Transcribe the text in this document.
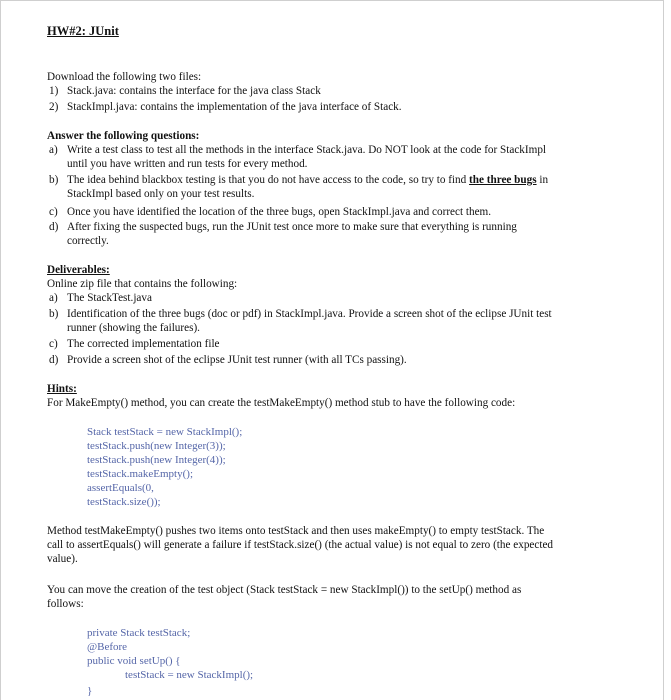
HW#2: JUnit
Download the following two files:
1) Stack.java: contains the interface for the java class Stack
2) StackImpl.java: contains the implementation of the java interface of Stack.
Answer the following questions:
a) Write a test class to test all the methods in the interface Stack.java. Do NOT look at the code for StackImpl
until you have written and run tests for every method.
b) The idea behind blackbox testing is that you do not have access to the code, so try to find the three bugs in
StackImpl based only on your test results.
c) Once you have identified the location of the three bugs, open StackImpl.java and correct them.
d) After fixing the suspected bugs, run the JUnit test once more to make sure that everything is running
correctly.
Deliverables:
Online zip file that contains the following:
a) The StackTest.java
b) Identification of the three bugs (doc or pdf) in StackImpl.java. Provide a screen shot of the eclipse JUnit test
runner (showing the failures).
c) The corrected implementation file
d) Provide a screen shot of the eclipse JUnit test runner (with all TCs passing).
Hints:
For MakeEmpty() method, you can create the testMakeEmpty() method stub to have the following code:
Stack testStack = new StackImpl();
testStack.push(new Integer(3));
testStack.push(new Integer(4));
testStack.makeEmpty();
assertEquals(0,
testStack.size());
Method testMakeEmpty() pushes two items onto testStack and then uses makeEmpty() to empty testStack. The
call to assertEquals() will generate a failure if testStack.size() (the actual value) is not equal to zero (the expected
value).
You can move the creation of the test object (Stack testStack = new StackImpl()) to the setUp() method as
follows:
private Stack testStack;
@Before
public void setUp() {
testStack = new StackImpl();
}
